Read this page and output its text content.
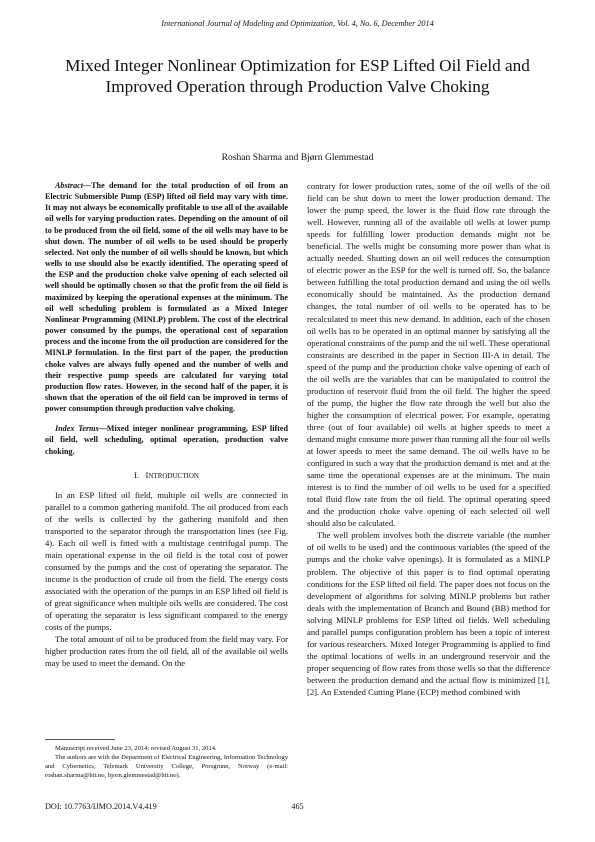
International Journal of Modeling and Optimization, Vol. 4, No. 6, December 2014
Mixed Integer Nonlinear Optimization for ESP Lifted Oil Field and Improved Operation through Production Valve Choking
Roshan Sharma and Bjørn Glemmestad

Abstract—The demand for the total production of oil from an Electric Submersible Pump (ESP) lifted oil field may vary with time. It may not always be economically profitable to use all of the available oil wells for varying production rates. Depending on the amount of oil to be produced from the oil field, some of the oil wells may have to be shut down. The number of oil wells to be used should be properly selected. Not only the number of oil wells should be known, but which wells to use should also be exactly identified. The operating speed of the ESP and the production choke valve opening of each selected oil well should be optimally chosen so that the profit from the oil field is maximized by keeping the operational expenses at the minimum. The oil well scheduling problem is formulated as a Mixed Integer Nonlinear Programming (MINLP) problem. The cost of the electrical power consumed by the pumps, the operational cost of separation process and the income from the oil production are considered for the MINLP formulation. In the first part of the paper, the production choke valves are always fully opened and the number of wells and their respective pump speeds are calculated for varying total production flow rates. However, in the second half of the paper, it is shown that the operation of the oil field can be improved in terms of power consumption through production valve choking.

Index Terms—Mixed integer nonlinear programming, ESP lifted oil field, well scheduling, optimal operation, production valve choking.

I. INTRODUCTION

In an ESP lifted oil field, multiple oil wells are connected in parallel to a common gathering manifold. The oil produced from each of the wells is collected by the gathering manifold and then transported to the separator through the transportation lines (see Fig. 4). Each oil well is fitted with a multistage centrifugal pump. The main operational expense in the oil field is the total cost of power consumed by the pumps and the cost of operating the separator. The income is the production of crude oil from the field. The energy costs associated with the operation of the pumps in an ESP lifted oil field is of great significance when multiple oils wells are considered. The cost of operating the separator is less significant compared to the energy costs of the pumps.

The total amount of oil to be produced from the field may vary. For higher production rates from the oil field, all of the available oil wells may be used to meet the demand. On the

Manuscript received June 23, 2014; revised August 31, 2014.

The authors are with the Department of Electrical Engineering, Information Technology and Cybernetics, Telemark University College, Porsgrunn, Norway (e-mail: roshan.sharma@hit.no, bjorn.glemmestad@hit.no).

contrary for lower production rates, some of the oil wells of the oil field can be shut down to meet the lower production demand. The lower the pump speed, the lower is the fluid flow rate through the well. However, running all of the available oil wells at lower pump speeds for fulfilling lower production demands might not be beneficial. The wells might be consuming more power than what is actually needed. Shutting down an oil well reduces the consumption of electric power as the ESP for the well is turned off. So, the balance between fulfilling the total production demand and using the oil wells economically should be maintained. As the production demand changes, the total number of oil wells to be operated has to be recalculated to meet this new demand. In addition, each of the chosen oil wells has to be operated in an optimal manner by satisfying all the operational constraints of the pump and the oil well. These operational constraints are described in the paper in Section III-A in detail. The speed of the pump and the production choke valve opening of each of the oil wells are the variables that can be manipulated to control the production of reservoir fluid from the oil field. The higher the speed of the pump, the higher the flow rate through the well but also the higher the consumption of electrical power. For example, operating three (out of four available) oil wells at higher speeds to meet a demand might consume more power than running all the four oil wells at lower speeds to meet the same demand. The oil wells have to be configured in such a way that the production demand is met and at the same time the operational expenses are at the minimum. The main interest is to find the number of oil wells to be used for a specified total fluid flow rate from the oil field. The optimal operating speed and the production choke valve opening of each selected oil well should also be calculated.

The well problem involves both the discrete variable (the number of oil wells to be used) and the continuous variables (the speed of the pumps and the choke valve openings). It is formulated as a MINLP problem. The objective of this paper is to find optimal operating conditions for the ESP lifted oil field. The paper does not focus on the development of algorithms for solving MINLP problems but rather deals with the implementation of Branch and Bound (BB) method for solving MINLP problems for ESP lifted oil fields. Well scheduling and parallel pumps configuration problem has been a topic of interest for various researchers. Mixed Integer Programming is applied to find the optimal locations of wells in an underground reservoir and the proper sequencing of flow rates from those wells so that the difference between the production demand and the actual flow is minimized [1], [2]. An Extended Cutting Plane (ECP) method combined with

DOI: 10.7763/IJMO.2014.V4.419	465
